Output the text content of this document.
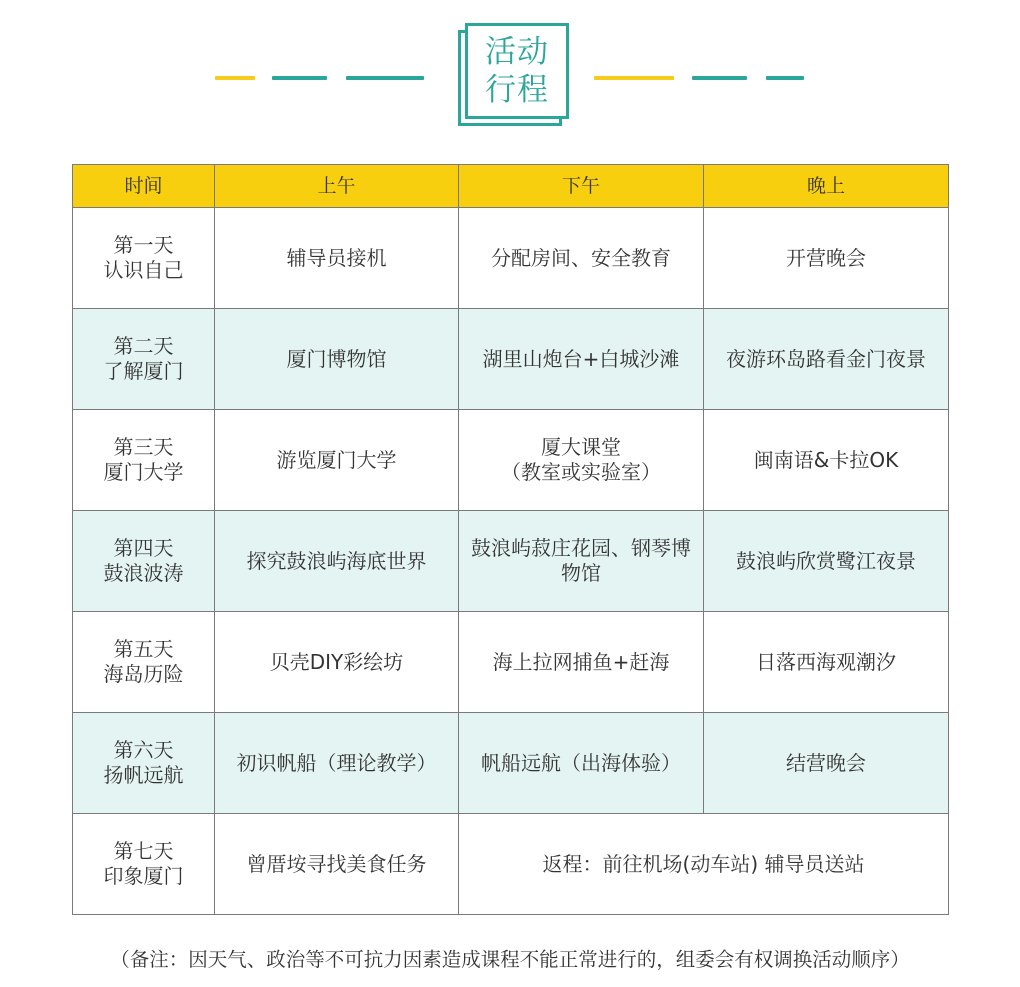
活动
行程
时间	上午	下午	晚上

第一天
认识自己	辅导员接机	分配房间、安全教育	开营晚会

第二天
了解厦门	厦门博物馆	湖里山炮台+白城沙滩	夜游环岛路看金门夜景

第三天
厦门大学	游览厦门大学	厦大课堂（教室或实验室）	闽南语&卡拉OK

第四天
鼓浪波涛	探究鼓浪屿海底世界	鼓浪屿菽庄花园、钢琴博物馆	鼓浪屿欣赏鹭江夜景

第五天
海岛历险	贝壳DIY彩绘坊	海上拉网捕鱼+赶海	日落西海观潮汐

第六天
扬帆远航	初识帆船（理论教学）	帆船远航（出海体验）	结营晚会

第七天
印象厦门	曾厝垵寻找美食任务	返程：前往机场(动车站) 辅导员送站	
（备注：因天气、政治等不可抗力因素造成课程不能正常进行的，组委会有权调换活动顺序）
